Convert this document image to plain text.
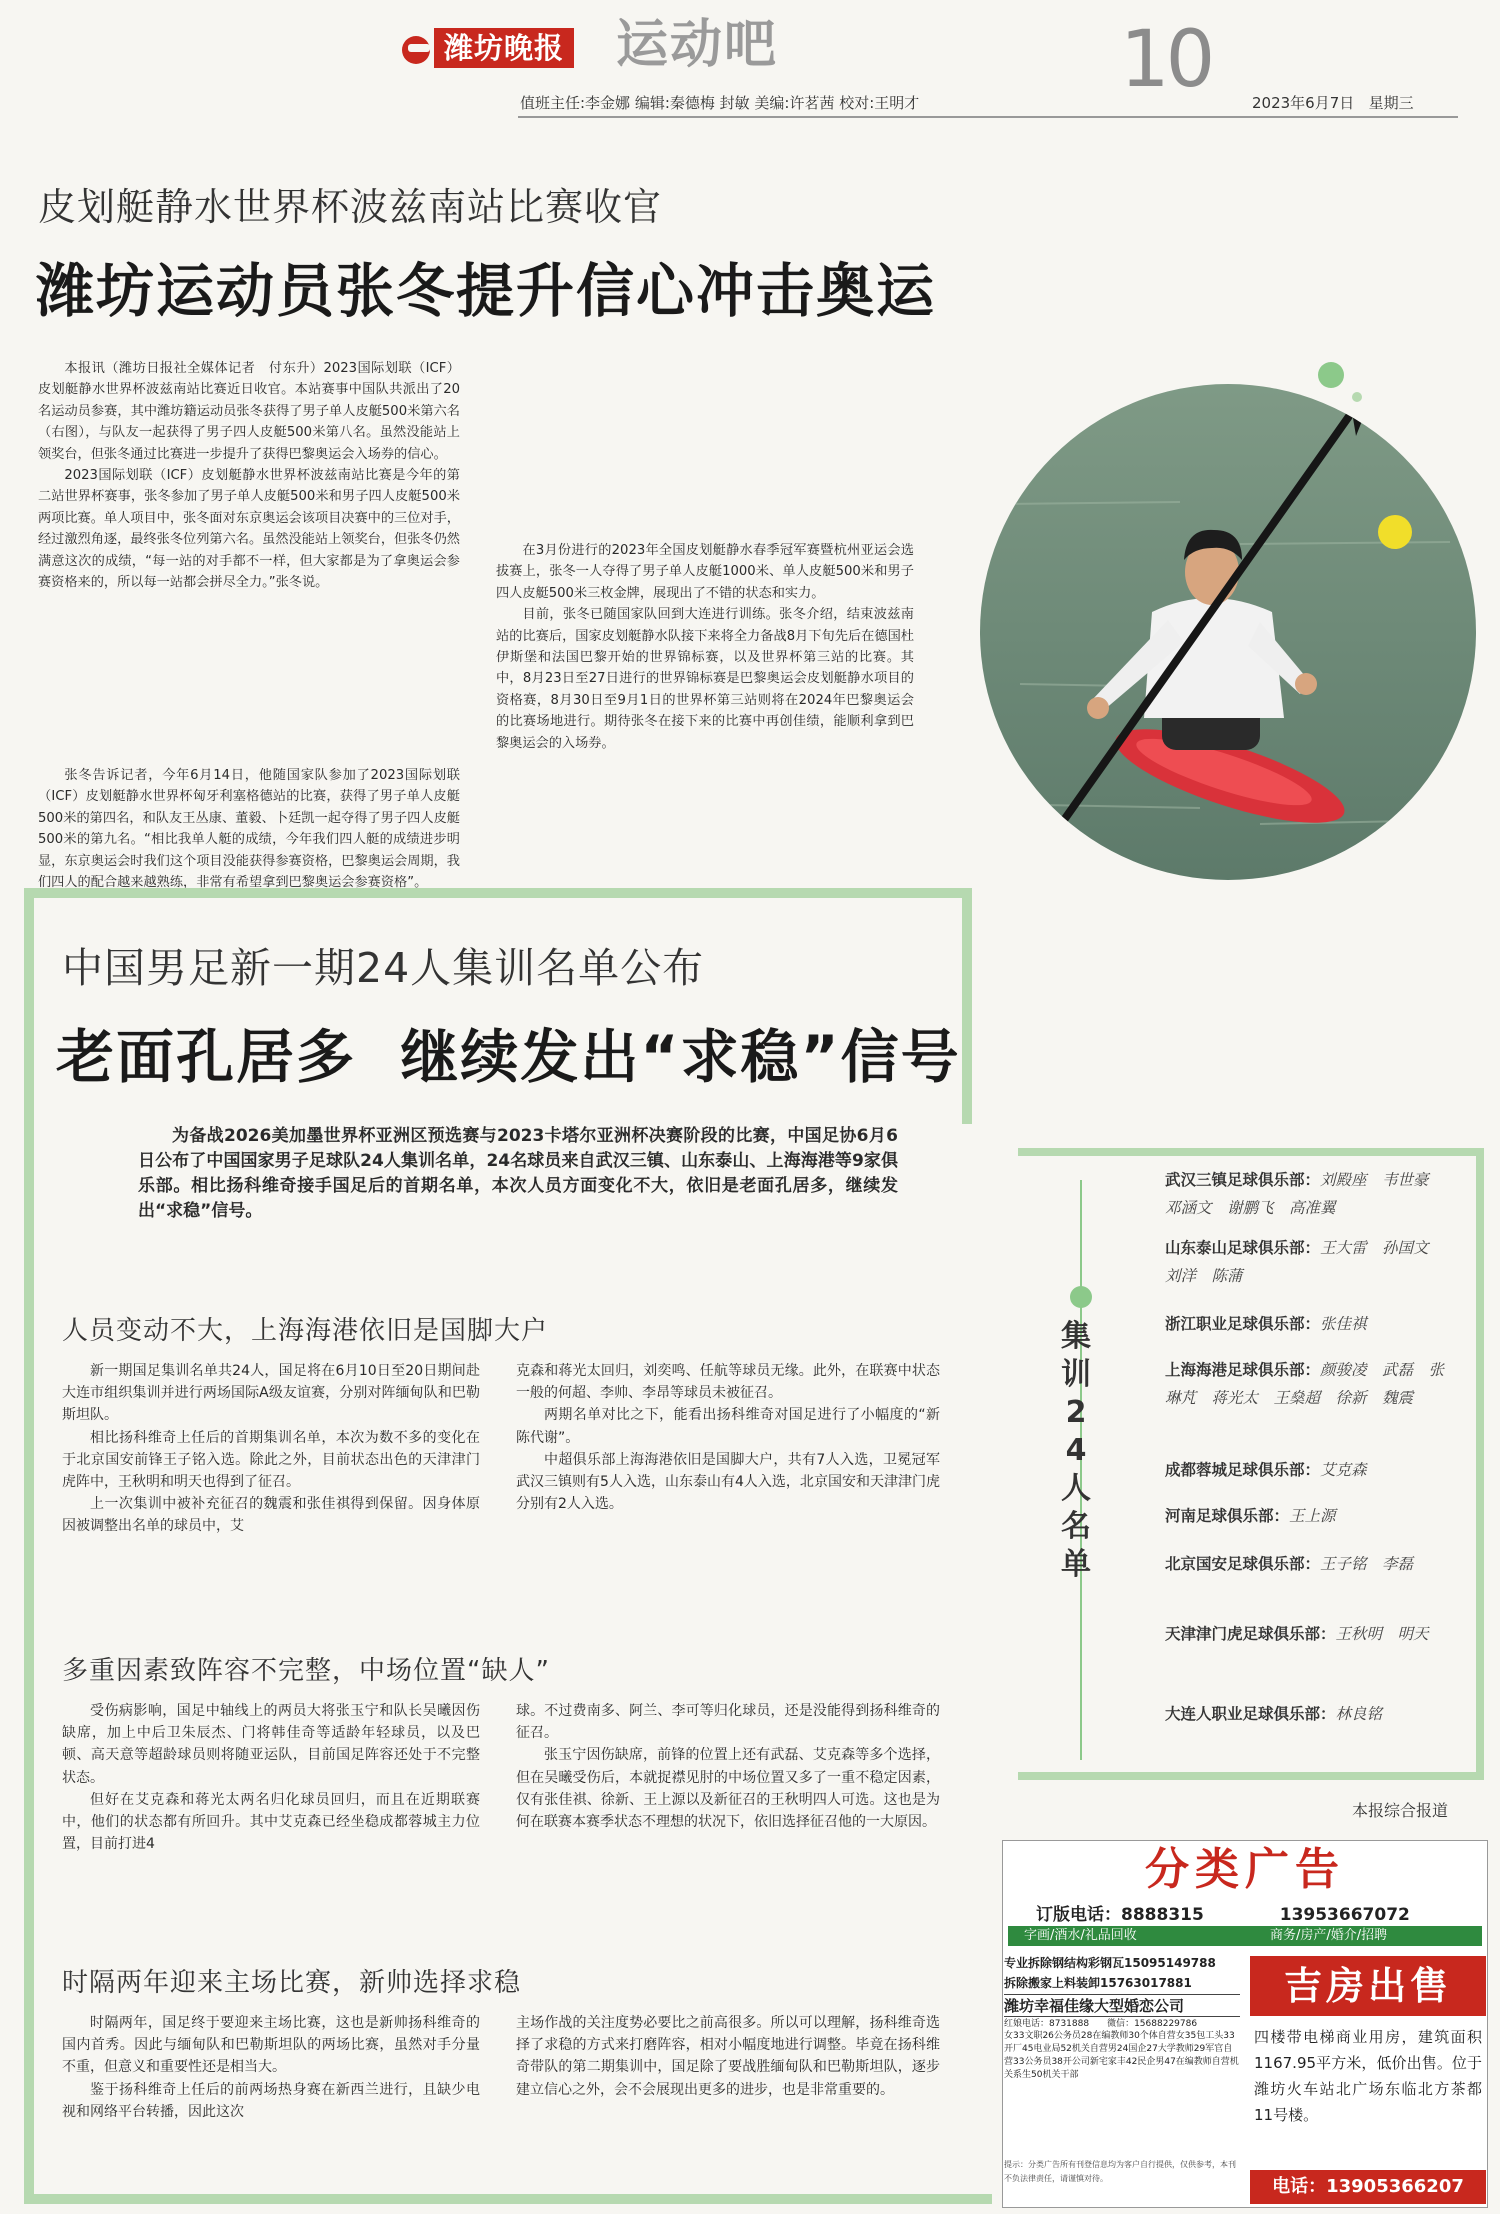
潍坊晚报 运动吧	10
值班主任:李金娜 编辑:秦德梅 封敏 美编:许茗茜 校对:王明才	2023年6月7日 星期三
皮划艇静水世界杯波兹南站比赛收官
潍坊运动员张冬提升信心冲击奥运

本报讯（潍坊日报社全媒体记者　付东升）2023国际划联（ICF）皮划艇静水世界杯波兹南站比赛近日收官。本站赛事中国队共派出了20名运动员参赛，其中潍坊籍运动员张冬获得了男子单人皮艇500米第六名（右图），与队友一起获得了男子四人皮艇500米第八名。虽然没能站上领奖台，但张冬通过比赛进一步提升了获得巴黎奥运会入场券的信心。

2023国际划联（ICF）皮划艇静水世界杯波兹南站比赛是今年的第二站世界杯赛事，张冬参加了男子单人皮艇500米和男子四人皮艇500米两项比赛。单人项目中，张冬面对东京奥运会该项目决赛中的三位对手，经过激烈角逐，最终张冬位列第六名。虽然没能站上领奖台，但张冬仍然满意这次的成绩，“每一站的对手都不一样，但大家都是为了拿奥运会参赛资格来的，所以每一站都会拼尽全力。”张冬说。

张冬告诉记者，今年6月14日，他随国家队参加了2023国际划联（ICF）皮划艇静水世界杯匈牙利塞格德站的比赛，获得了男子单人皮艇500米的第四名，和队友王丛康、董毅、卜廷凯一起夺得了男子四人皮艇500米的第九名。“相比我单人艇的成绩，今年我们四人艇的成绩进步明显，东京奥运会时我们这个项目没能获得参赛资格，巴黎奥运会周期，我们四人的配合越来越熟练，非常有希望拿到巴黎奥运会参赛资格”。

在3月份进行的2023年全国皮划艇静水春季冠军赛暨杭州亚运会选拔赛上，张冬一人夺得了男子单人皮艇1000米、单人皮艇500米和男子四人皮艇500米三枚金牌，展现出了不错的状态和实力。

目前，张冬已随国家队回到大连进行训练。张冬介绍，结束波兹南站的比赛后，国家皮划艇静水队接下来将全力备战8月下旬先后在德国杜伊斯堡和法国巴黎开始的世界锦标赛，以及世界杯第三站的比赛。其中，8月23日至27日进行的世界锦标赛是巴黎奥运会皮划艇静水项目的资格赛，8月30日至9月1日的世界杯第三站则将在2024年巴黎奥运会的比赛场地进行。期待张冬在接下来的比赛中再创佳绩，能顺利拿到巴黎奥运会的入场券。

中国男足新一期24人集训名单公布
老面孔居多  继续发出“求稳”信号

为备战2026美加墨世界杯亚洲区预选赛与2023卡塔尔亚洲杯决赛阶段的比赛，中国足协6月6日公布了中国国家男子足球队24人集训名单，24名球员来自武汉三镇、山东泰山、上海海港等9家俱乐部。相比扬科维奇接手国足后的首期名单，本次人员方面变化不大，依旧是老面孔居多，继续发出“求稳”信号。

人员变动不大，上海海港依旧是国脚大户

新一期国足集训名单共24人，国足将在6月10日至20日期间赴大连市组织集训并进行两场国际A级友谊赛，分别对阵缅甸队和巴勒斯坦队。

相比扬科维奇上任后的首期集训名单，本次为数不多的变化在于北京国安前锋王子铭入选。除此之外，目前状态出色的天津津门虎阵中，王秋明和明天也得到了征召。

上一次集训中被补充征召的魏震和张佳祺得到保留。因身体原因被调整出名单的球员中，艾

克森和蒋光太回归，刘奕鸣、任航等球员无缘。此外，在联赛中状态一般的何超、李帅、李昂等球员未被征召。

两期名单对比之下，能看出扬科维奇对国足进行了小幅度的“新陈代谢”。

中超俱乐部上海海港依旧是国脚大户，共有7人入选，卫冕冠军武汉三镇则有5人入选，山东泰山有4人入选，北京国安和天津津门虎分别有2人入选。

多重因素致阵容不完整，中场位置“缺人”

受伤病影响，国足中轴线上的两员大将张玉宁和队长吴曦因伤缺席，加上中后卫朱辰杰、门将韩佳奇等适龄年轻球员，以及巴顿、高天意等超龄球员则将随亚运队，目前国足阵容还处于不完整状态。

但好在艾克森和蒋光太两名归化球员回归，而且在近期联赛中，他们的状态都有所回升。其中艾克森已经坐稳成都蓉城主力位置，目前打进4

球。不过费南多、阿兰、李可等归化球员，还是没能得到扬科维奇的征召。

张玉宁因伤缺席，前锋的位置上还有武磊、艾克森等多个选择，但在吴曦受伤后，本就捉襟见肘的中场位置又多了一重不稳定因素，仅有张佳祺、徐新、王上源以及新征召的王秋明四人可选。这也是为何在联赛本赛季状态不理想的状况下，依旧选择征召他的一大原因。

时隔两年迎来主场比赛，新帅选择求稳

时隔两年，国足终于要迎来主场比赛，这也是新帅扬科维奇的国内首秀。因此与缅甸队和巴勒斯坦队的两场比赛，虽然对手分量不重，但意义和重要性还是相当大。

鉴于扬科维奇上任后的前两场热身赛在新西兰进行，且缺少电视和网络平台转播，因此这次

主场作战的关注度势必要比之前高很多。所以可以理解，扬科维奇选择了求稳的方式来打磨阵容，相对小幅度地进行调整。毕竟在扬科维奇带队的第二期集训中，国足除了要战胜缅甸队和巴勒斯坦队，逐步建立信心之外，会不会展现出更多的进步，也是非常重要的。

集训24人名单
武汉三镇足球俱乐部：刘殿座　韦世豪　邓涵文　谢鹏飞　高准翼
山东泰山足球俱乐部：王大雷　孙国文　刘洋　陈蒲
浙江职业足球俱乐部：张佳祺
上海海港足球俱乐部：颜骏凌　武磊　张琳芃　蒋光太　王燊超　徐新　魏震
成都蓉城足球俱乐部：艾克森
河南足球俱乐部：王上源
北京国安足球俱乐部：王子铭　李磊
天津津门虎足球俱乐部：王秋明　明天
大连人职业足球俱乐部：林良铭
本报综合报道
分类广告
订版电话：8888315	13953667072
字画/酒水/礼品回收	商务/房产/婚介/招聘
专业拆除钢结构彩钢瓦15095149788
拆除搬家上料装卸15763017881
潍坊幸福佳缘大型婚恋公司
红娘电话：8731888　　微信：15688229786
女33文职26公务员28在编教师30个体自营女35包工头33开厂45电业局52机关自营男24国企27大学教师29军官自营33公务员38开公司新宅家丰42民企男47在编教师自营机关系生50机关干部
提示：分类广告所有刊登信息均为客户自行提供，仅供参考，本刊不负法律责任，请谨慎对待。
吉房出售
四楼带电梯商业用房，建筑面积1167.95平方米，低价出售。位于潍坊火车站北广场东临北方茶都11号楼。
电话：13905366207
